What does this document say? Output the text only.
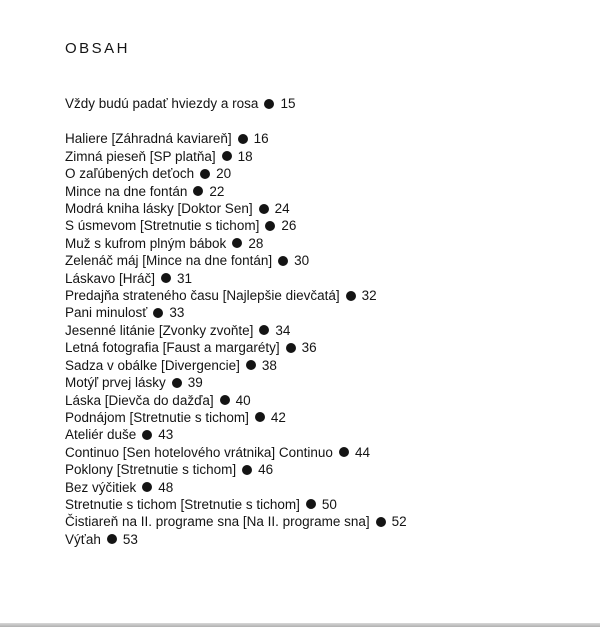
OBSAH
Vždy budú padať hviezdy a rosa 15
Haliere [Záhradná kaviareň] 16
Zimná pieseň [SP platňa] 18
O zaľúbených deťoch 20
Mince na dne fontán 22
Modrá kniha lásky [Doktor Sen] 24
S úsmevom [Stretnutie s tichom] 26
Muž s kufrom plným bábok 28
Zelenáč máj [Mince na dne fontán] 30
Láskavo [Hráč] 31
Predajňa strateného času [Najlepšie dievčatá] 32
Pani minulosť 33
Jesenné litánie [Zvonky zvoňte] 34
Letná fotografia [Faust a margaréty] 36
Sadza v obálke [Divergencie] 38
Motýľ prvej lásky 39
Láska [Dievča do dažďa] 40
Podnájom [Stretnutie s tichom] 42
Ateliér duše 43
Continuo [Sen hotelového vrátnika] Continuo 44
Poklony [Stretnutie s tichom] 46
Bez výčitiek 48
Stretnutie s tichom [Stretnutie s tichom] 50
Čistiareň na II. programe sna [Na II. programe sna] 52
Výťah 53
